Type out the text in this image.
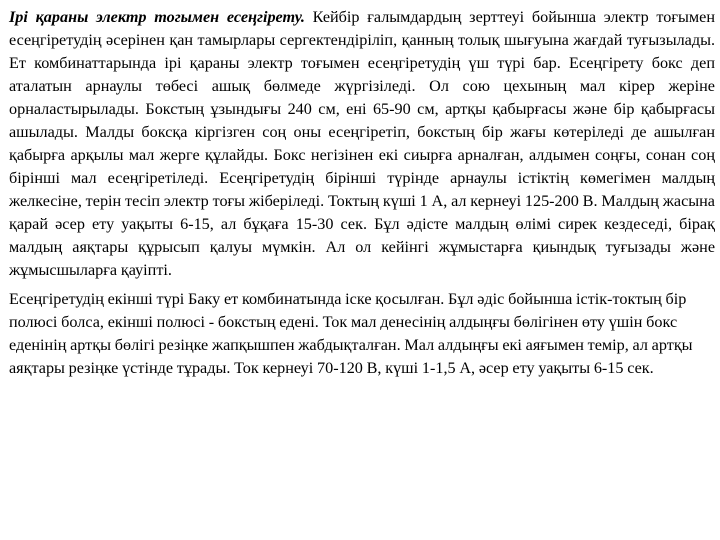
Ірі қараны электр тогымен есеңгірету. Кейбір ғалымдардың зерттеуі бойынша электр тоғымен есеңгіретудің әсерінен қан тамырлары сергектендіріліп, қанның толық шығуына жағдай туғызылады. Ет комбинаттарында ірі қараны электр тоғымен есеңгіретудің үш түрі бар. Есеңгірету бокс деп аталатын арнаулы төбесі ашық бөлмеде жүргізіледі. Ол сою цехының мал кірер жеріне орналастырылады. Бокстың ұзындығы 240 см, ені 65-90 см, артқы қабырғасы және бір қабырғасы ашылады. Малды боксқа кіргізген соң оны есеңгіретіп, бокстың бір жағы көтеріледі де ашылған қабырға арқылы мал жерге құлайды. Бокс негізінен екі сиырға арналған, алдымен соңғы, сонан соң бірінші мал есеңгіретіледі. Есеңгіретудің бірінші түрінде арнаулы істіктің көмегімен малдың желкесіне, терін тесіп электр тоғы жіберіледі. Токтың күші 1 А, ал кернеуі 125-200 В. Малдың жасына қарай әсер ету уақыты 6-15, ал бұқаға 15-30 сек. Бұл әдісте малдың өлімі сирек кездеседі, бірақ малдың аяқтары құрысып қалуы мүмкін. Ал ол кейінгі жұмыстарға қиындық туғызады және жұмысшыларға қауіпті.

Есеңгіретудің екінші түрі Баку ет комбинатында іске қосылған. Бұл әдіс бойынша істік-токтың бір полюсі болса, екінші полюсі - бокстың едені. Ток мал денесінің алдыңғы бөлігінен өту үшін бокс еденінің артқы бөлігі резіңке жапқышпен жабдықталған. Мал алдыңғы екі аяғымен темір, ал артқы аяқтары резіңке үстінде тұрады. Ток кернеуі 70-120 В, күші 1-1,5 А, әсер ету уақыты 6-15 сек.
